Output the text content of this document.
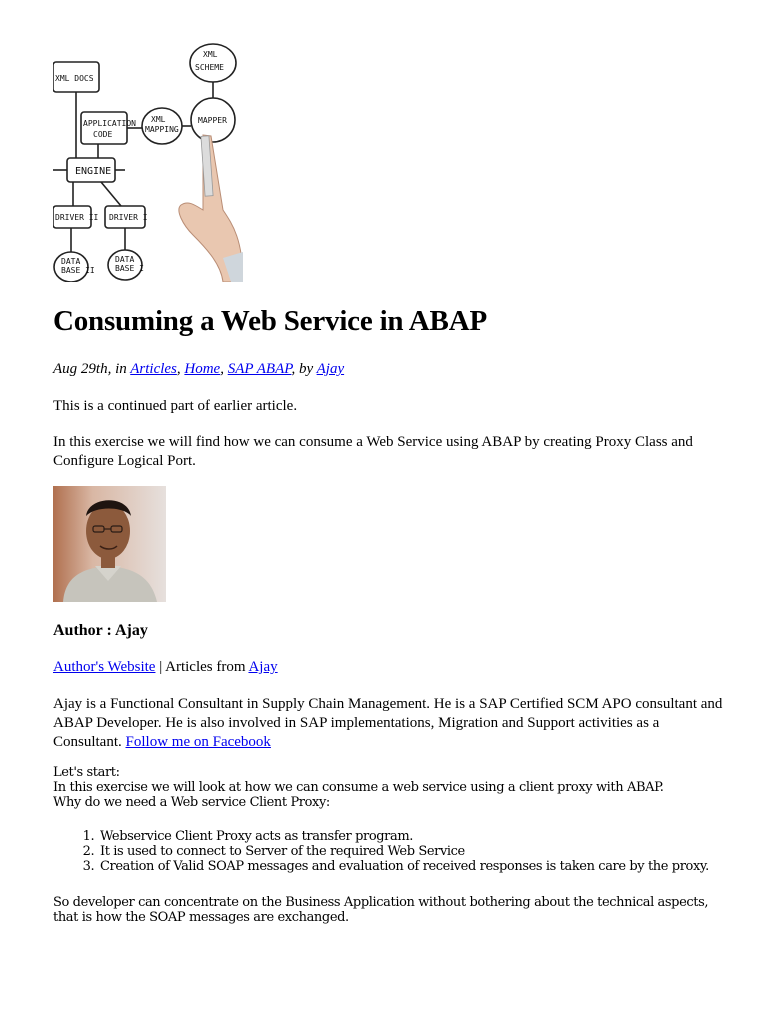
XML DOCS
APPLICATION
CODE
XML
MAPPING
MAPPER
XML
SCHEME
ENGINE
DRIVER II DRIVER I
DATA
BASE II
DATA
BASE I
Consuming a Web Service in ABAP
Aug 29th, in Articles, Home, SAP ABAP, by Ajay
This is a continued part of earlier article.
In this exercise we will find how we can consume a Web Service using ABAP by creating Proxy Class and Configure Logical Port.
Author : Ajay
Author's Website | Articles from Ajay
Ajay is a Functional Consultant in Supply Chain Management. He is a SAP Certified SCM APO consultant and ABAP Developer. He is also involved in SAP implementations, Migration and Support activities as a Consultant. Follow me on Facebook
Let's start:
In this exercise we will look at how we can consume a web service using a client proxy with ABAP.
Why do we need a Web service Client Proxy:
1. Webservice Client Proxy acts as transfer program.
2. It is used to connect to Server of the required Web Service
3. Creation of Valid SOAP messages and evaluation of received responses is taken care by the proxy.
So developer can concentrate on the Business Application without bothering about the technical aspects, that is how the SOAP messages are exchanged.
